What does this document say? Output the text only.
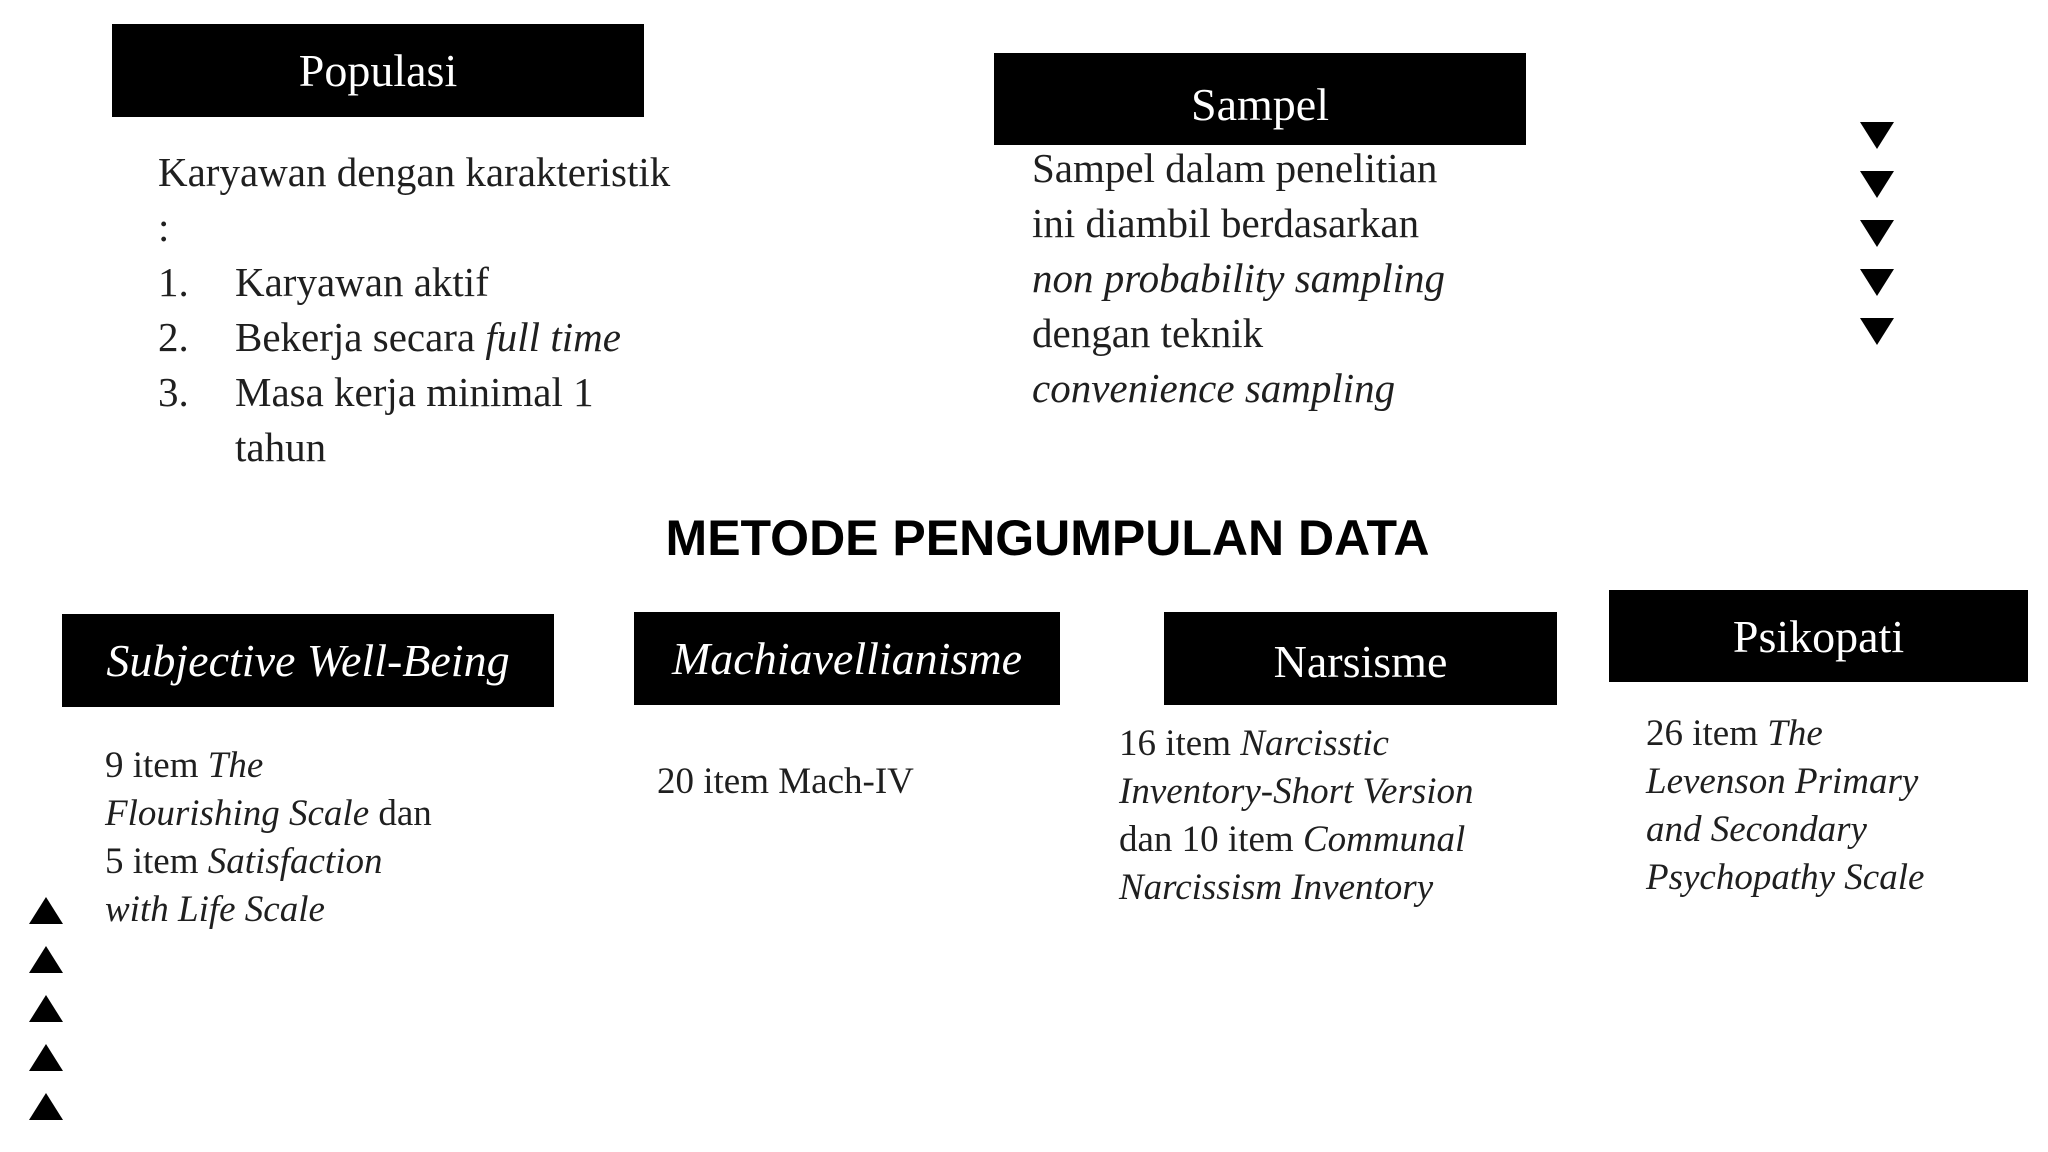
Populasi
Karyawan dengan karakteristik
:
1. Karyawan aktif
2. Bekerja secara full time
3. Masa kerja minimal 1
tahun
Sampel
Sampel dalam penelitian
ini diambil berdasarkan
non probability sampling
dengan teknik
convenience sampling
METODE PENGUMPULAN DATA
Subjective Well-Being
9 item The
Flourishing Scale dan
5 item Satisfaction
with Life Scale
Machiavellianisme
20 item Mach-IV
Narsisme
16 item Narcisstic
Inventory-Short Version
dan 10 item Communal
Narcissism Inventory
Psikopati
26 item The
Levenson Primary
and Secondary
Psychopathy Scale
